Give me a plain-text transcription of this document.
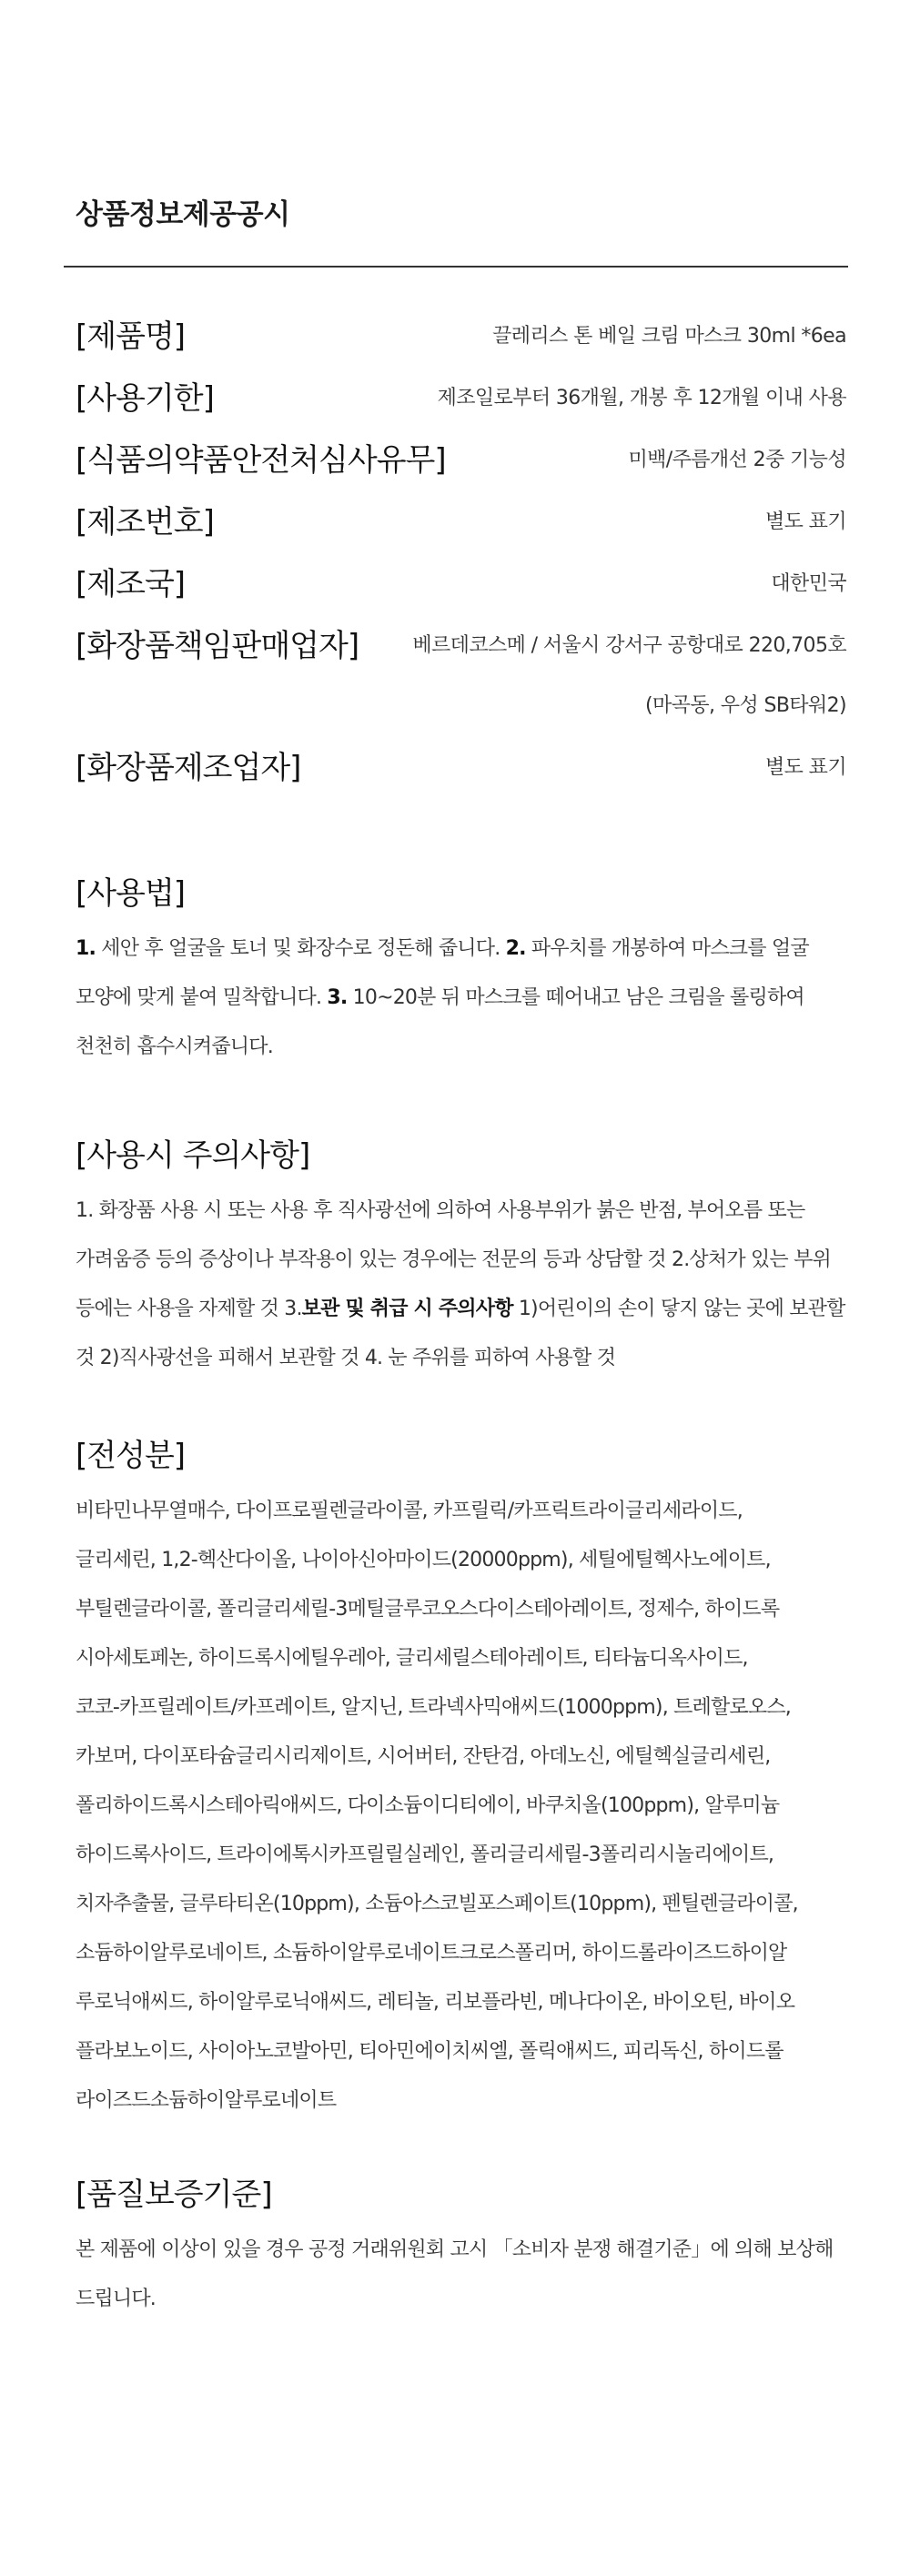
상품정보제공공시
[제품명]	끌레리스 톤 베일 크림 마스크 30ml *6ea
[사용기한]	제조일로부터 36개월, 개봉 후 12개월 이내 사용
[식품의약품안전처심사유무]	미백/주름개선 2중 기능성
[제조번호]	별도 표기
[제조국]	대한민국
[화장품책임판매업자]	베르데코스메 / 서울시 강서구 공항대로 220,705호
(마곡동, 우성 SB타워2)
[화장품제조업자]	별도 표기
[사용법]
1. 세안 후 얼굴을 토너 및 화장수로 정돈해 줍니다. 2. 파우치를 개봉하여 마스크를 얼굴 모양에 맞게 붙여 밀착합니다. 3. 10~20분 뒤 마스크를 떼어내고 남은 크림을 롤링하여 천천히 흡수시켜줍니다.
[사용시 주의사항]
1. 화장품 사용 시 또는 사용 후 직사광선에 의하여 사용부위가 붉은 반점, 부어오름 또는 가려움증 등의 증상이나 부작용이 있는 경우에는 전문의 등과 상담할 것 2.상처가 있는 부위 등에는 사용을 자제할 것 3.보관 및 취급 시 주의사항 1)어린이의 손이 닿지 않는 곳에 보관할 것 2)직사광선을 피해서 보관할 것 4. 눈 주위를 피하여 사용할 것
[전성분]
비타민나무열매수, 다이프로필렌글라이콜, 카프릴릭/카프릭트라이글리세라이드,
글리세린, 1,2-헥산다이올, 나이아신아마이드(20000ppm), 세틸에틸헥사노에이트,
부틸렌글라이콜, 폴리글리세릴-3메틸글루코오스다이스테아레이트, 정제수, 하이드록
시아세토페논, 하이드록시에틸우레아, 글리세릴스테아레이트, 티타늄디옥사이드,
코코-카프릴레이트/카프레이트, 알지닌, 트라넥사믹애씨드(1000ppm), 트레할로오스,
카보머, 다이포타슘글리시리제이트, 시어버터, 잔탄검, 아데노신, 에틸헥실글리세린,
폴리하이드록시스테아릭애씨드, 다이소듐이디티에이, 바쿠치올(100ppm), 알루미늄
하이드록사이드, 트라이에톡시카프릴릴실레인, 폴리글리세릴-3폴리리시놀리에이트,
치자추출물, 글루타티온(10ppm), 소듐아스코빌포스페이트(10ppm), 펜틸렌글라이콜,
소듐하이알루로네이트, 소듐하이알루로네이트크로스폴리머, 하이드롤라이즈드하이알
루로닉애씨드, 하이알루로닉애씨드, 레티놀, 리보플라빈, 메나다이온, 바이오틴, 바이오
플라보노이드, 사이아노코발아민, 티아민에이치씨엘, 폴릭애씨드, 피리독신, 하이드롤
라이즈드소듐하이알루로네이트
[품질보증기준]
본 제품에 이상이 있을 경우 공정 거래위원회 고시 「소비자 분쟁 해결기준」에 의해 보상해 드립니다.
